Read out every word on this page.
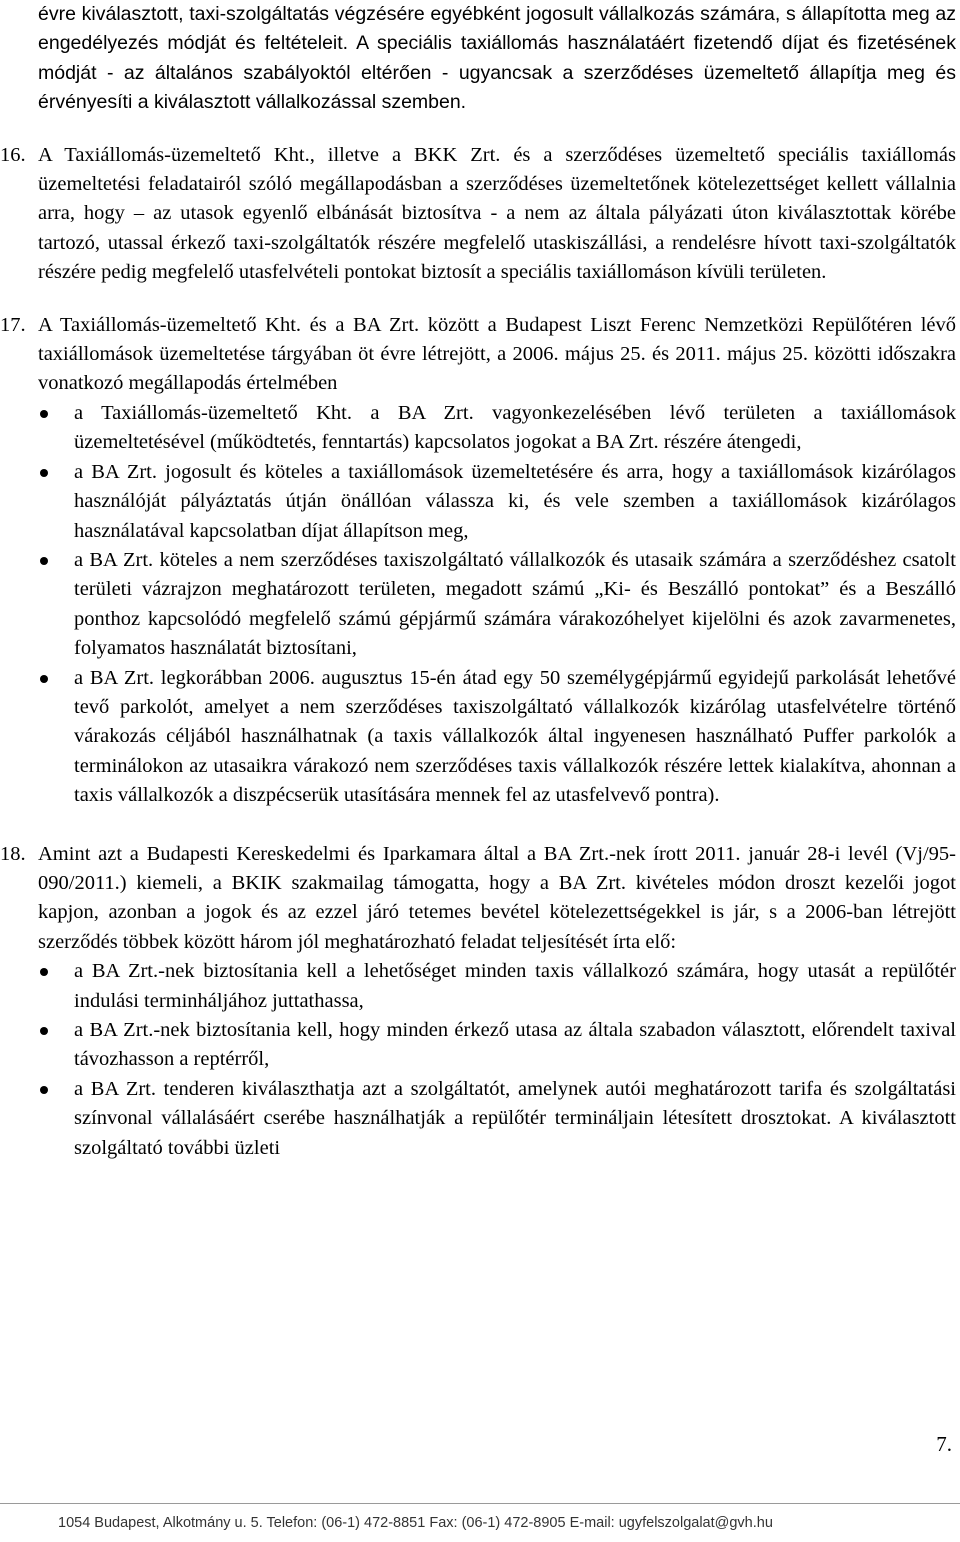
évre kiválasztott, taxi-szolgáltatás végzésére egyébként jogosult vállalkozás számára, s állapította meg az engedélyezés módját és feltételeit. A speciális taxiállomás használatáért fizetendő díjat és fizetésének módját - az általános szabályoktól eltérően - ugyancsak a szerződéses üzemeltető állapítja meg és érvényesíti a kiválasztott vállalkozással szemben.

16. A Taxiállomás-üzemeltető Kht., illetve a BKK Zrt. és a szerződéses üzemeltető speciális taxiállomás üzemeltetési feladatairól szóló megállapodásban a szerződéses üzemeltetőnek kötelezettséget kellett vállalnia arra, hogy – az utasok egyenlő elbánását biztosítva - a nem az általa pályázati úton kiválasztottak körébe tartozó, utassal érkező taxi-szolgáltatók részére megfelelő utaskiszállási, a rendelésre hívott taxi-szolgáltatók részére pedig megfelelő utasfelvételi pontokat biztosít a speciális taxiállomáson kívüli területen.

17. A Taxiállomás-üzemeltető Kht. és a BA Zrt. között a Budapest Liszt Ferenc Nemzetközi Repülőtéren lévő taxiállomások üzemeltetése tárgyában öt évre létrejött, a 2006. május 25. és 2011. május 25. közötti időszakra vonatkozó megállapodás értelmében

a Taxiállomás-üzemeltető Kht. a BA Zrt. vagyonkezelésében lévő területen a taxiállomások üzemeltetésével (működtetés, fenntartás) kapcsolatos jogokat a BA Zrt. részére átengedi,
a BA Zrt. jogosult és köteles a taxiállomások üzemeltetésére és arra, hogy a taxiállomások kizárólagos használóját pályáztatás útján önállóan válassza ki, és vele szemben a taxiállomások kizárólagos használatával kapcsolatban díjat állapítson meg,
a BA Zrt. köteles a nem szerződéses taxiszolgáltató vállalkozók és utasaik számára a szerződéshez csatolt területi vázrajzon meghatározott területen, megadott számú „Ki- és Beszálló pontokat” és a Beszálló ponthoz kapcsolódó megfelelő számú gépjármű számára várakozóhelyet kijelölni és azok zavarmenetes, folyamatos használatát biztosítani,
a BA Zrt. legkorábban 2006. augusztus 15-én átad egy 50 személygépjármű egyidejű parkolását lehetővé tevő parkolót, amelyet a nem szerződéses taxiszolgáltató vállalkozók kizárólag utasfelvételre történő várakozás céljából használhatnak (a taxis vállalkozók által ingyenesen használható Puffer parkolók a terminálokon az utasaikra várakozó nem szerződéses taxis vállalkozók részére lettek kialakítva, ahonnan a taxis vállalkozók a diszpécserük utasítására mennek fel az utasfelvevő pontra).
18. Amint azt a Budapesti Kereskedelmi és Iparkamara által a BA Zrt.-nek írott 2011. január 28-i levél (Vj/95-090/2011.) kiemeli, a BKIK szakmailag támogatta, hogy a BA Zrt. kivételes módon droszt kezelői jogot kapjon, azonban a jogok és az ezzel járó tetemes bevétel kötelezettségekkel is jár, s a 2006-ban létrejött szerződés többek között három jól meghatározható feladat teljesítését írta elő:

a BA Zrt.-nek biztosítania kell a lehetőséget minden taxis vállalkozó számára, hogy utasát a repülőtér indulási terminháljához juttathassa,
a BA Zrt.-nek biztosítania kell, hogy minden érkező utasa az általa szabadon választott, előrendelt taxival távozhasson a reptérről,
a BA Zrt. tenderen kiválaszthatja azt a szolgáltatót, amelynek autói meghatározott tarifa és szolgáltatási színvonal vállalásáért cserébe használhatják a repülőtér terminálјain létesített drosztokat. A kiválasztott szolgáltató további üzleti
7.
1054 Budapest, Alkotmány u. 5. Telefon: (06-1) 472-8851 Fax: (06-1) 472-8905 E-mail: ugyfelszolgalat@gvh.hu
